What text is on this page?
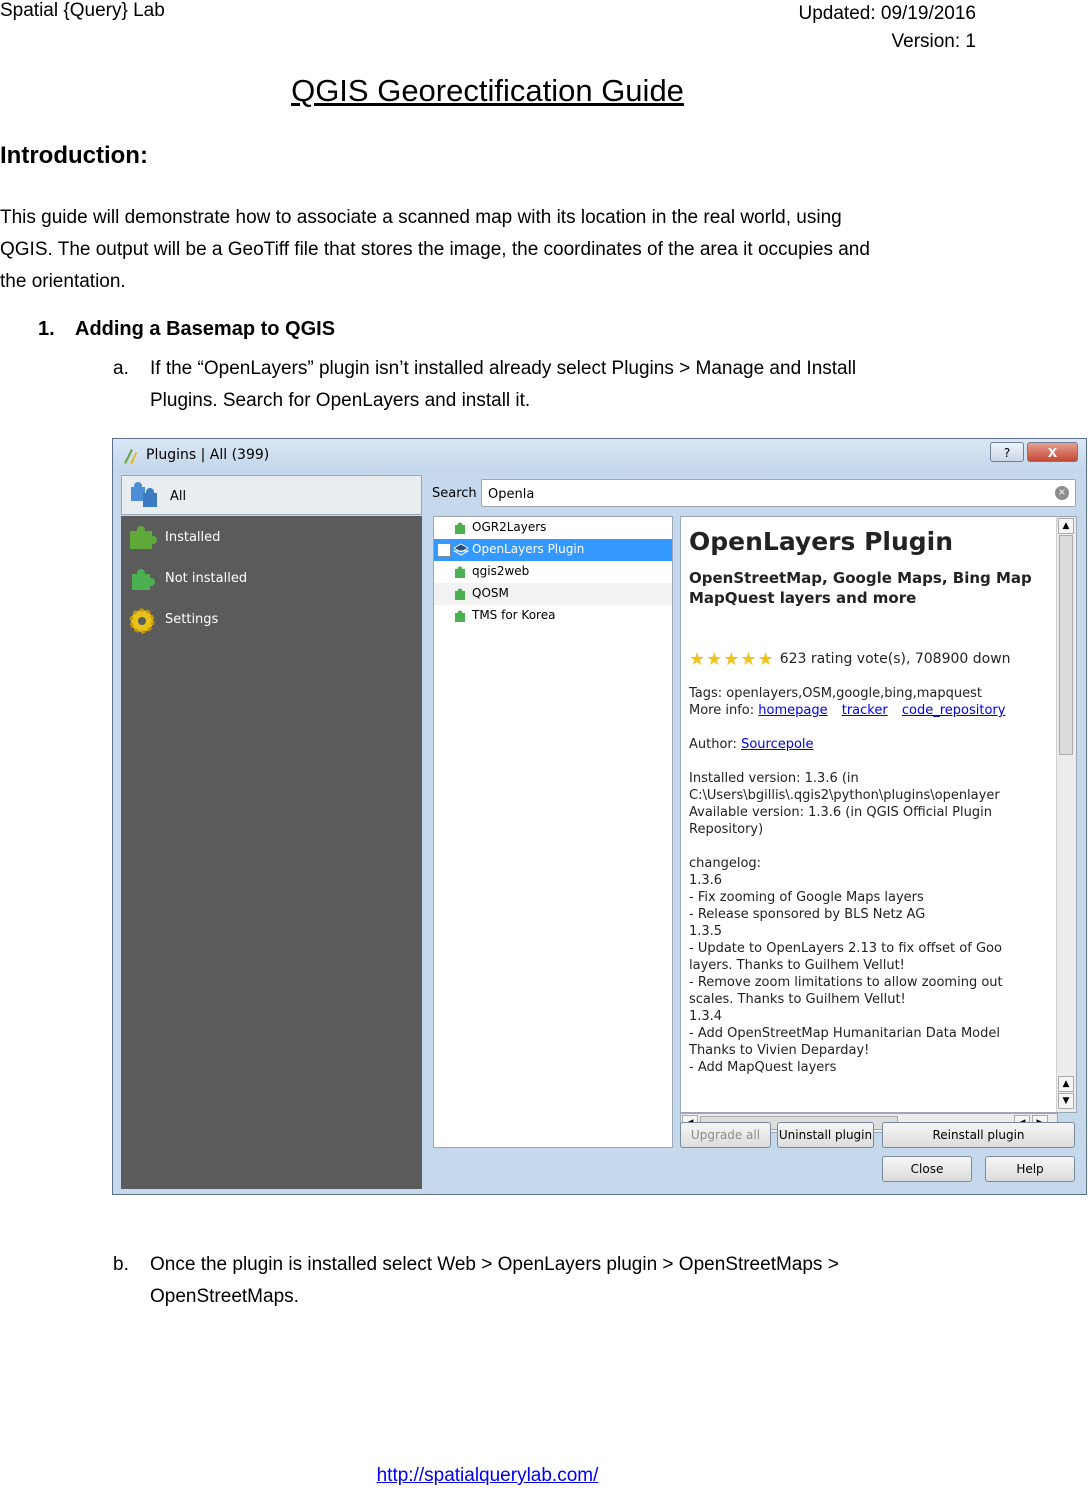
Spatial {Query} Lab	Updated: 09/19/2016
Version: 1
QGIS Georectification Guide
Introduction:
This guide will demonstrate how to associate a scanned map with its location in the real world, using
QGIS. The output will be a GeoTiff file that stores the image, the coordinates of the area it occupies and
the orientation.
1. Adding a Basemap to QGIS
a. If the “OpenLayers” plugin isn’t installed already select Plugins > Manage and Install
Plugins. Search for OpenLayers and install it.
Plugins | All (399)	?	X
All
Installed
Not installed
Settings
Search
Openla	×
OGR2Layers
OpenLayers Plugin
qgis2web
QOSM
TMS for Korea
OpenLayers Plugin
OpenStreetMap, Google Maps, Bing Map
MapQuest layers and more
★★★★★ 623 rating vote(s), 708900 down
Tags: openlayers,OSM,google,bing,mapquest
More info: homepage tracker code_repository
Author: Sourcepole
Installed version: 1.3.6 (in
C:\Users\bgillis\.qgis2\python\plugins\openlayer
Available version: 1.3.6 (in QGIS Official Plugin
Repository)
changelog:
1.3.6
- Fix zooming of Google Maps layers
- Release sponsored by BLS Netz AG
1.3.5
- Update to OpenLayers 2.13 to fix offset of Goo
layers. Thanks to Guilhem Vellut!
- Remove zoom limitations to allow zooming out
scales. Thanks to Guilhem Vellut!
1.3.4
- Add OpenStreetMap Humanitarian Data Model
Thanks to Vivien Deparday!
- Add MapQuest layers
▲
▲
▼
Upgrade all	Uninstall plugin	Reinstall plugin
Close	Help
b. Once the plugin is installed select Web > OpenLayers plugin > OpenStreetMaps >
OpenStreetMaps.
http://spatialquerylab.com/
